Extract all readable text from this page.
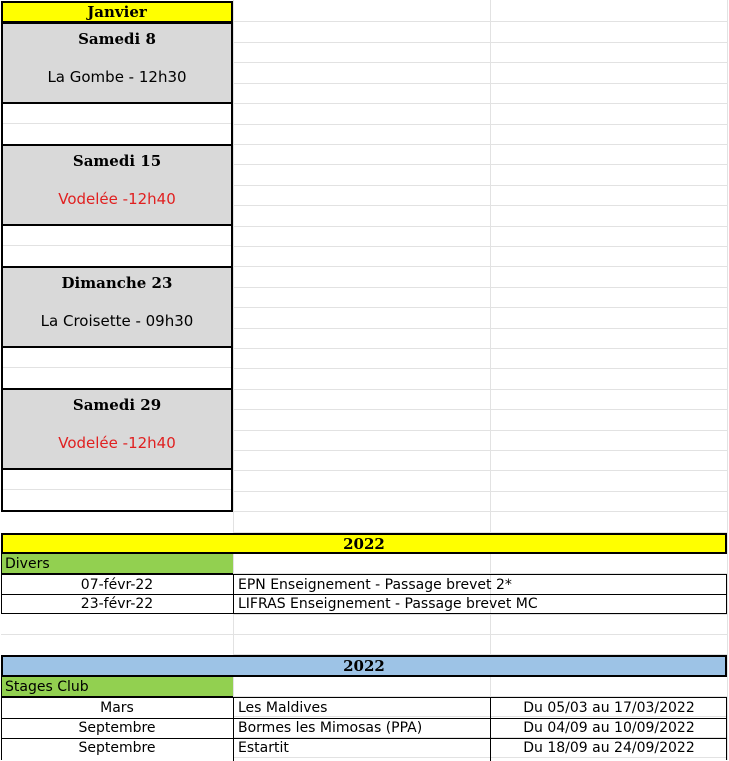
Janvier
Samedi 8
La Gombe - 12h30
Samedi 15
Vodelée -12h40
Dimanche 23
La Croisette - 09h30
Samedi 29
Vodelée -12h40
2022
Divers
07-févr-22	EPN Enseignement - Passage brevet 2*
23-févr-22	LIFRAS Enseignement - Passage brevet MC
2022
Stages Club
Mars	Les Maldives	Du 05/03 au 17/03/2022
Septembre	Bormes les Mimosas (PPA)	Du 04/09 au 10/09/2022
Septembre	Estartit	Du 18/09 au 24/09/2022
